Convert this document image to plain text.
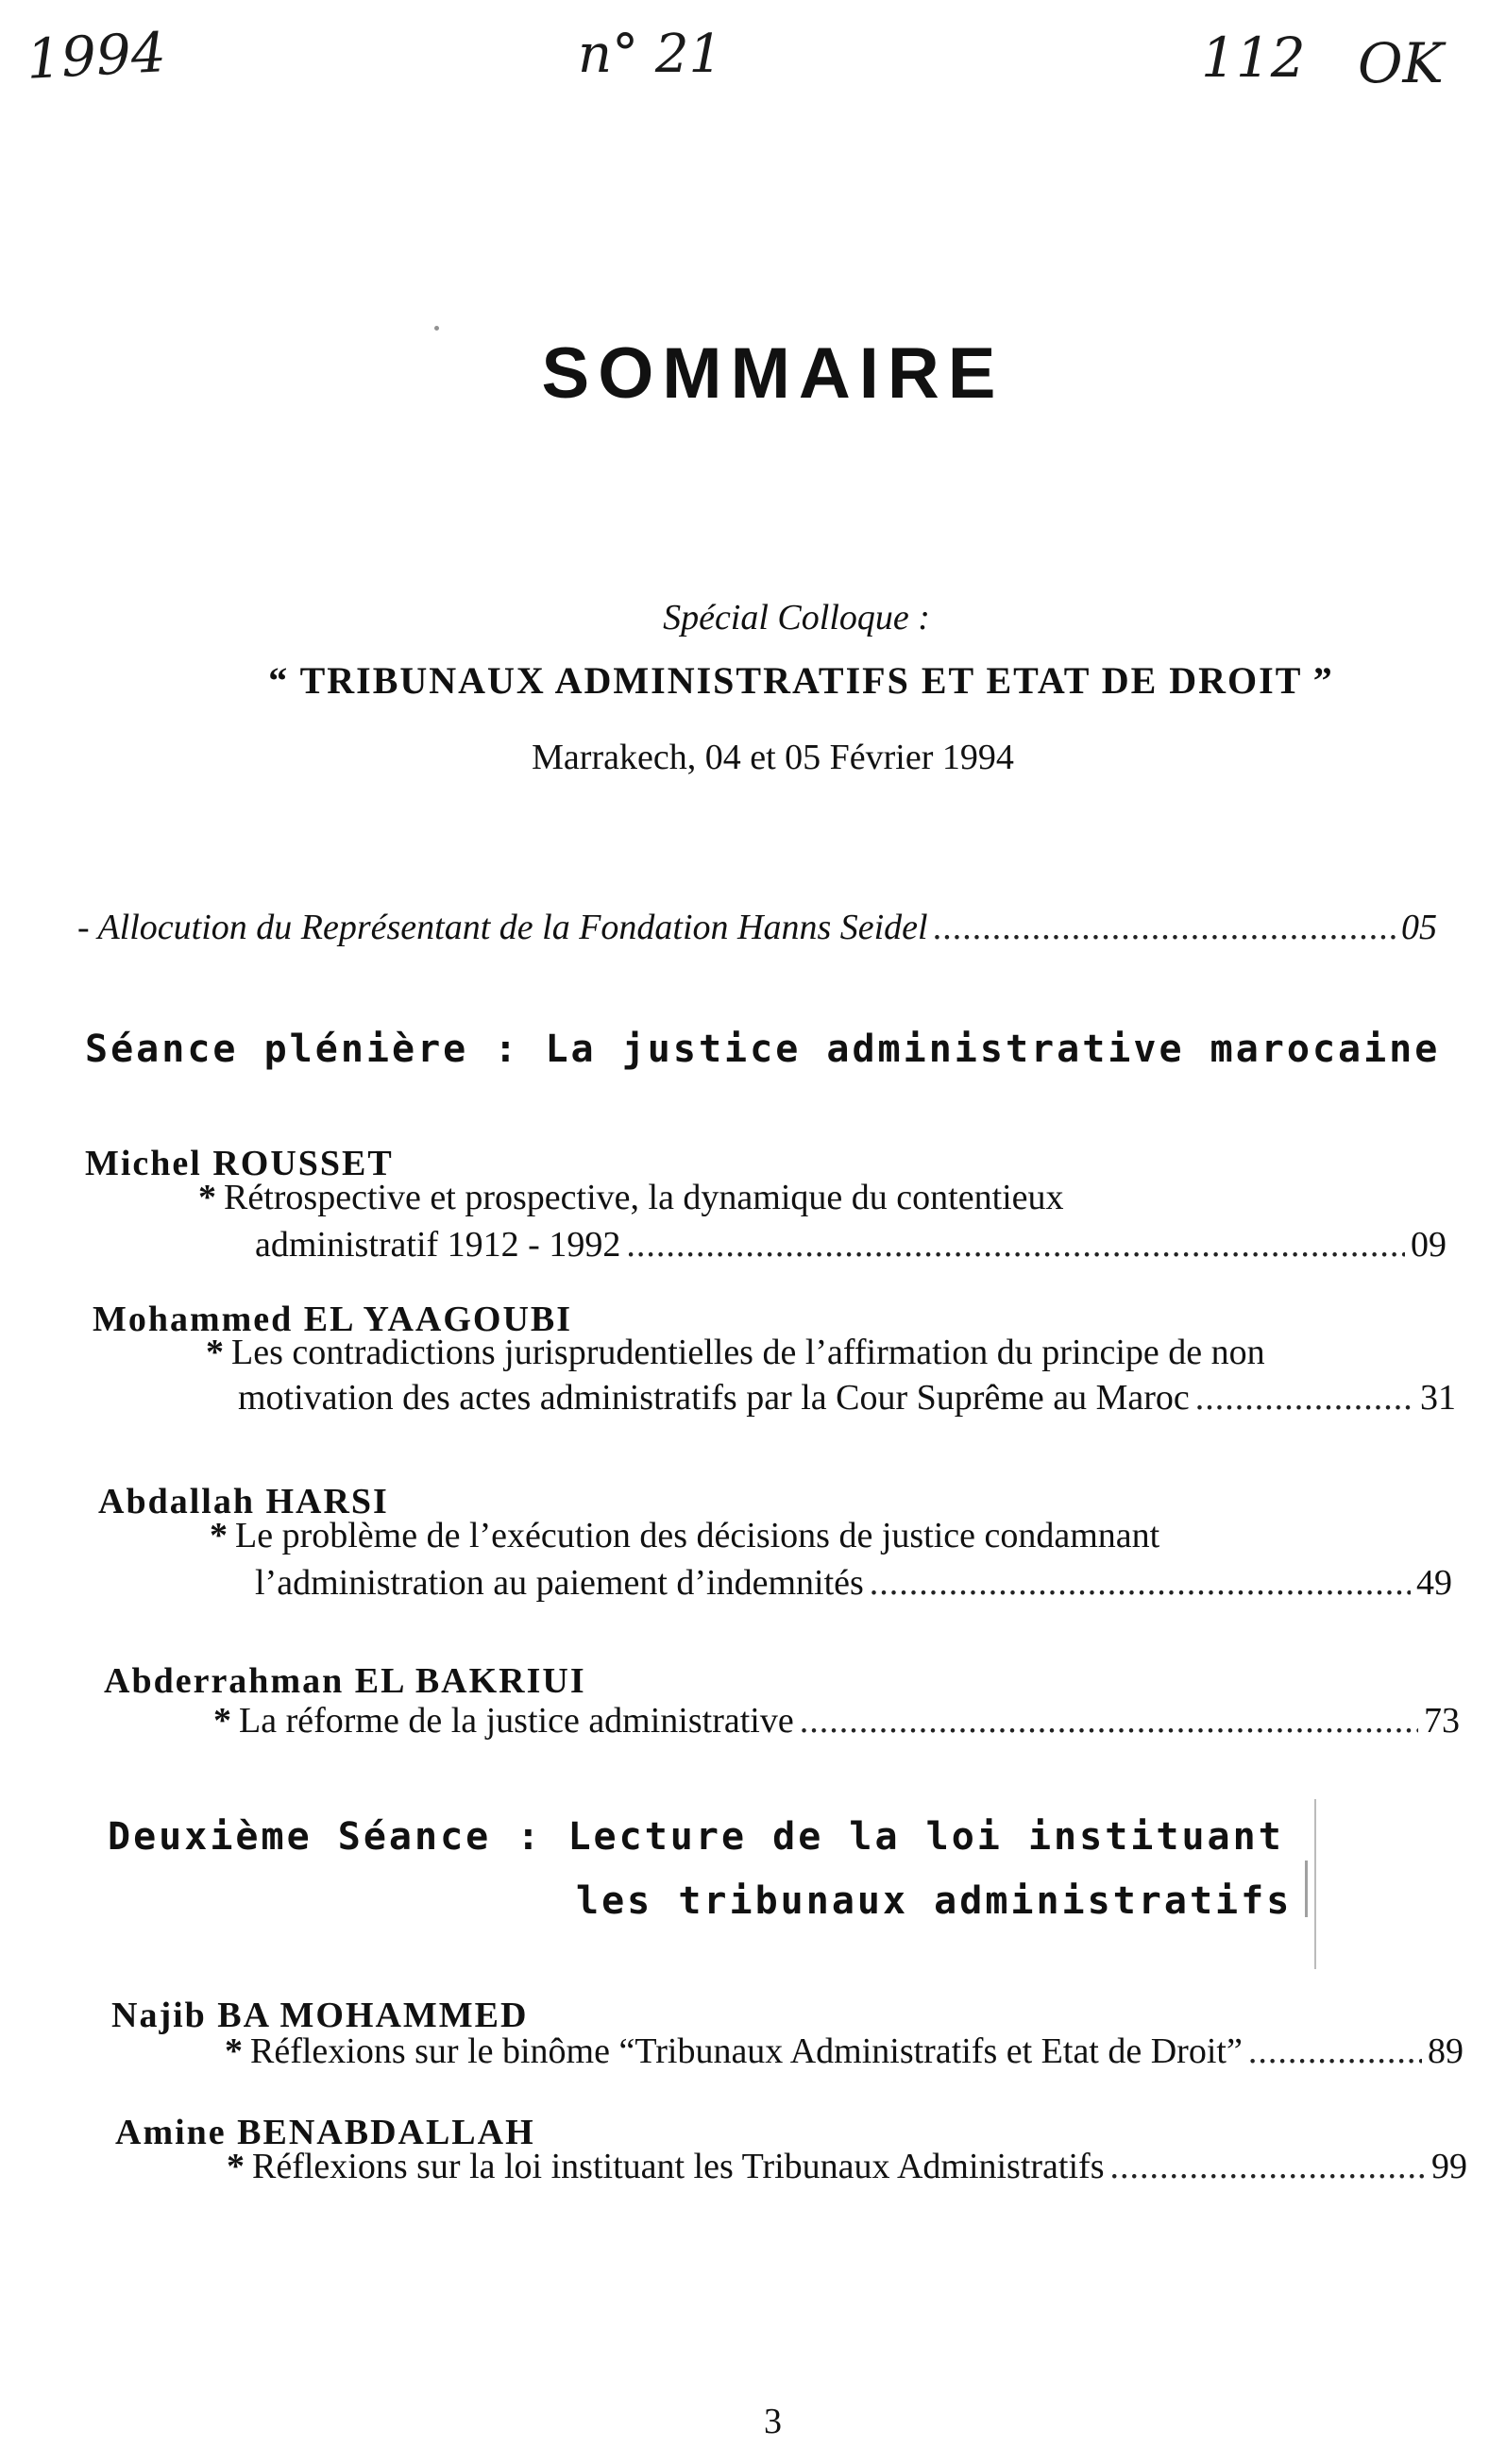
1994	n° 21	112 OK
SOMMAIRE
Spécial Colloque :
“ TRIBUNAUX ADMINISTRATIFS ET ETAT DE DROIT ”
Marrakech, 04 et 05 Février 1994
- Allocution du Représentant de la Fondation Hanns Seidel .....	05
Séance plénière : La justice administrative marocaine
Michel ROUSSET
* Rétrospective et prospective, la dynamique du contentieux
administratif 1912 - 1992 .....	09
Mohammed EL YAAGOUBI
* Les contradictions jurisprudentielles de l’affirmation du principe de non
motivation des actes administratifs par la Cour Suprême au Maroc .....	31
Abdallah HARSI
* Le problème de l’exécution des décisions de justice condamnant
l’administration au paiement d’indemnités .....	49
Abderrahman EL BAKRIUI
* La réforme de la justice administrative .....	73
Deuxième Séance : Lecture de la loi instituant
les tribunaux administratifs
Najib BA MOHAMMED
* Réflexions sur le binôme “Tribunaux Administratifs et Etat de Droit” .....	89
Amine BENABDALLAH
* Réflexions sur la loi instituant les Tribunaux Administratifs .....	99
3
